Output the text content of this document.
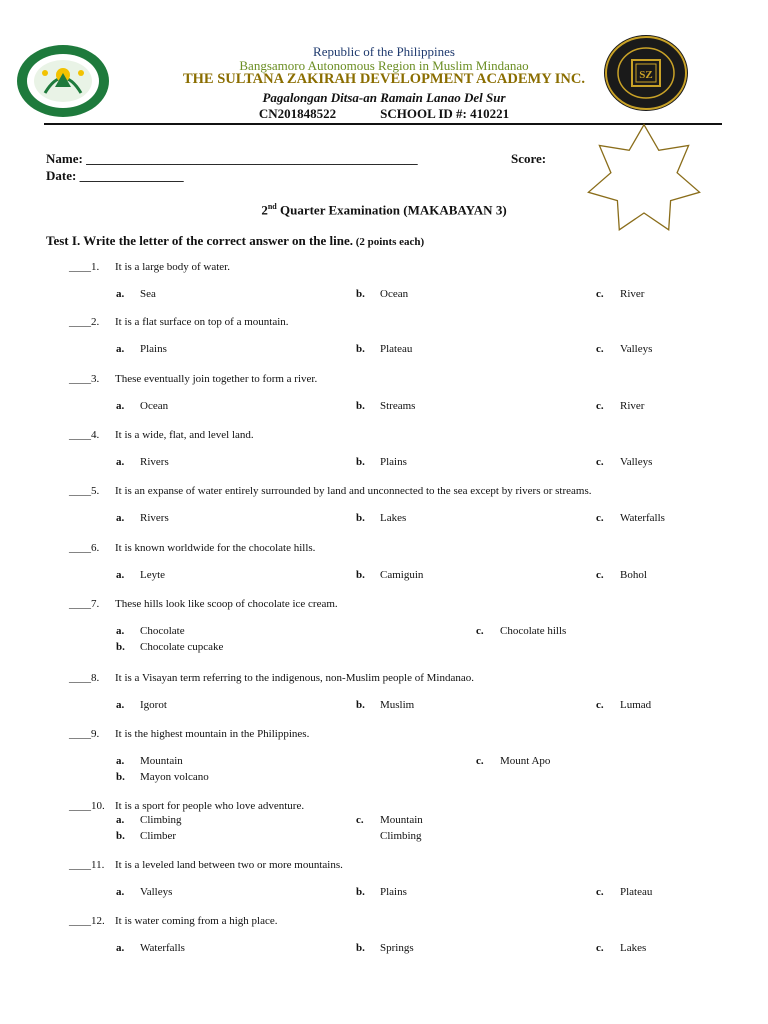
SZ
Republic of the Philippines
Bangsamoro Autonomous Region in Muslim Mindanao
THE SULTANA ZAKIRAH DEVELOPMENT ACADEMY INC.
Pagalongan Ditsa-an Ramain Lanao Del Sur
CN201848522	SCHOOL ID #: 410221
Name: ___________________________________________________
Date: ________________
Score:
2nd Quarter Examination (MAKABAYAN 3)
Test I. Write the letter of the correct answer on the line. (2 points each)
____1. It is a large body of water.
a. Sea	b. Ocean	c. River
____2. It is a flat surface on top of a mountain.
a. Plains	b. Plateau	c. Valleys
____3. These eventually join together to form a river.
a. Ocean	b. Streams	c. River
____4. It is a wide, flat, and level land.
a. Rivers	b. Plains	c. Valleys
____5. It is an expanse of water entirely surrounded by land and unconnected to the sea except by rivers or streams.
a. Rivers	b. Lakes	c. Waterfalls
____6. It is known worldwide for the chocolate hills.
a. Leyte	b. Camiguin	c. Bohol
____7. These hills look like scoop of chocolate ice cream.
a. Chocolate	c. Chocolate hills
b. Chocolate cupcake
____8. It is a Visayan term referring to the indigenous, non-Muslim people of Mindanao.
a. Igorot	b. Muslim	c. Lumad
____9. It is the highest mountain in the Philippines.
a. Mountain	c. Mount Apo
b. Mayon volcano
____10. It is a sport for people who love adventure.
a. Climbing	c. Mountain
b. Climber	Climbing
____11. It is a leveled land between two or more mountains.
a. Valleys	b. Plains	c. Plateau
____12. It is water coming from a high place.
a. Waterfalls	b. Springs	c. Lakes
